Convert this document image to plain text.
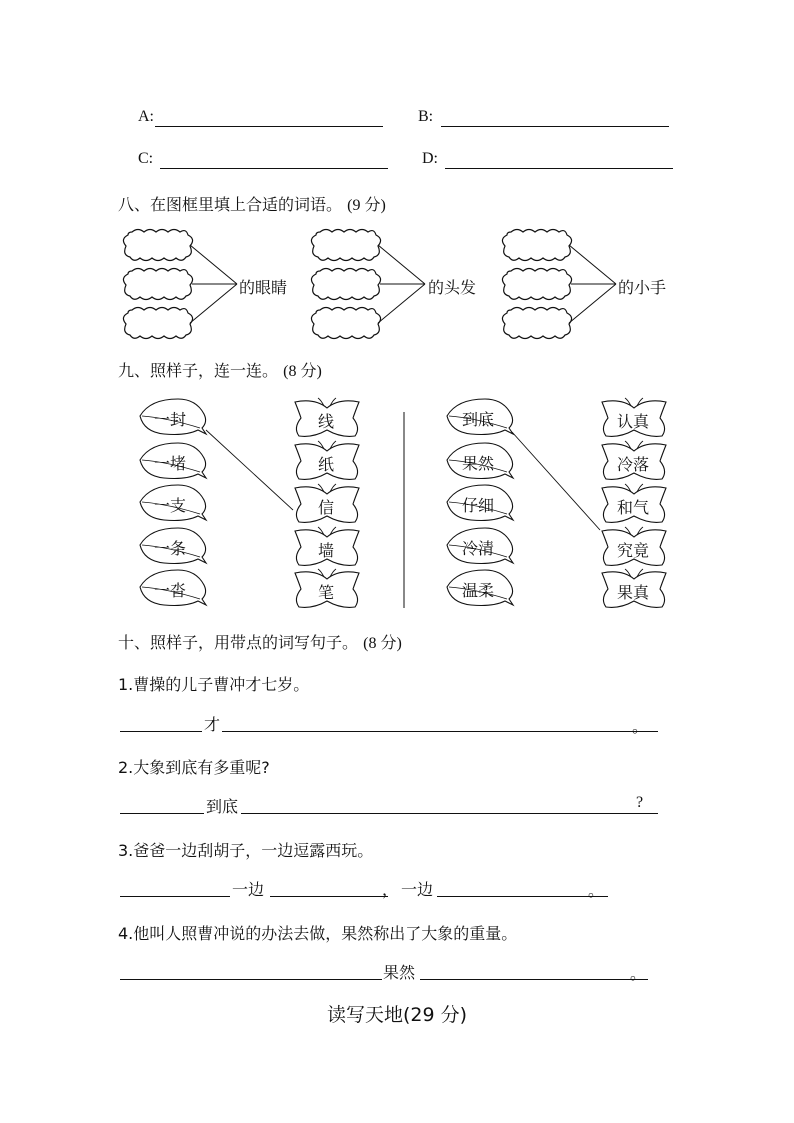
A:	B:
C:	D:
八、在图框里填上合适的词语。 (9 分)
的眼睛	的头发	的小手
九、照样子，连一连。 (8 分)
一封
一堵
一支
一条
一沓
线
纸
信
墙
笔
到底
果然
仔细
冷清
温柔
认真
冷落
和气
究竟
果真
十、照样子，用带点的词写句子。 (8 分)
1.曹操的儿子曹冲才七岁。
才	。
2.大象到底有多重呢?
到底	?
3.爸爸一边刮胡子，一边逗露西玩。
一边	， 一边	。
4.他叫人照曹冲说的办法去做，果然称出了大象的重量。
果然	。
读写天地(29 分)
